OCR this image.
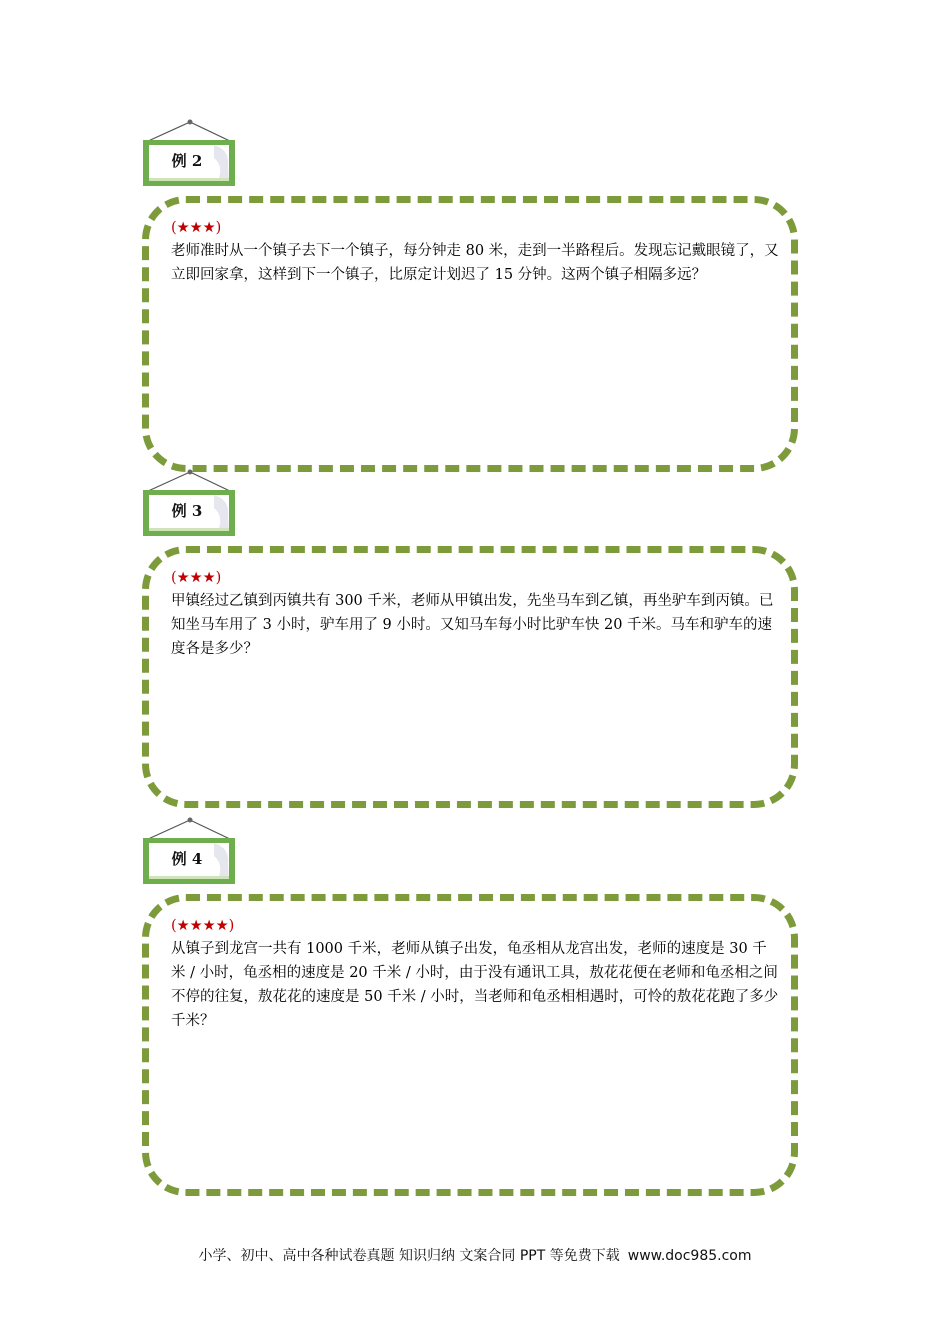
例 2
(★★★)
老师准时从一个镇子去下一个镇子，每分钟走 80 米，走到一半路程后。发现忘记戴眼镜了，又立即回家拿，这样到下一个镇子，比原定计划迟了 15 分钟。这两个镇子相隔多远？
例 3
(★★★)
甲镇经过乙镇到丙镇共有 300 千米，老师从甲镇出发，先坐马车到乙镇，再坐驴车到丙镇。已知坐马车用了 3 小时，驴车用了 9 小时。又知马车每小时比驴车快 20 千米。马车和驴车的速度各是多少？
例 4
(★★★★)
从镇子到龙宫一共有 1000 千米，老师从镇子出发，龟丞相从龙宫出发，老师的速度是 30 千米 / 小时，龟丞相的速度是 20 千米 / 小时，由于没有通讯工具，敖花花便在老师和龟丞相之间不停的往复，敖花花的速度是 50 千米 / 小时，当老师和龟丞相相遇时，可怜的敖花花跑了多少千米？
小学、初中、高中各种试卷真题 知识归纳 文案合同 PPT 等免费下载 www.doc985.com
